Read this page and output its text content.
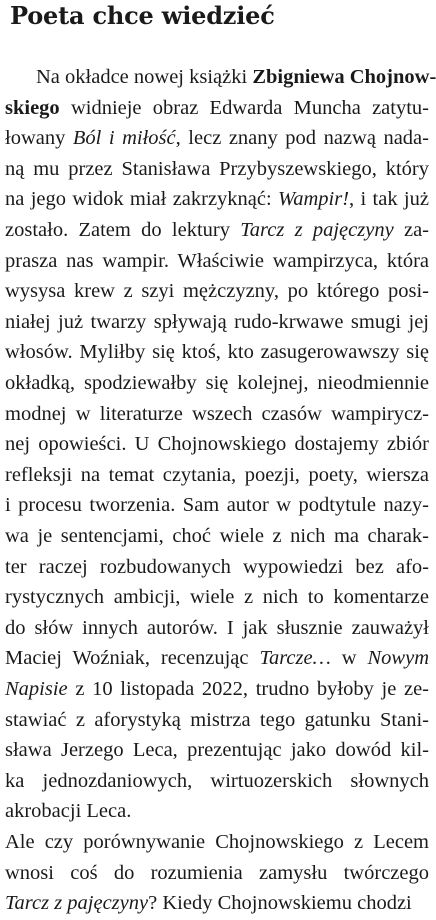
Poeta chce wiedzieć

Na okładce nowej książki Zbigniewa Chojnow-

skiego widnieje obraz Edwarda Muncha zatytu-

łowany Ból i miłość, lecz znany pod nazwą nada-

ną mu przez Stanisława Przybyszewskiego, który

na jego widok miał zakrzyknąć: Wampir!, i tak już

zostało. Zatem do lektury Tarcz z pajęczyny za-

prasza nas wampir. Właściwie wampirzyca, która

wysysa krew z szyi mężczyzny, po którego posi-

niałej już twarzy spływają rudo-krwawe smugi jej

włosów. Myliłby się ktoś, kto zasugerowawszy się

okładką, spodziewałby się kolejnej, nieodmiennie

modnej w literaturze wszech czasów wampirycz-

nej opowieści. U Chojnowskiego dostajemy zbiór

refleksji na temat czytania, poezji, poety, wiersza

i procesu tworzenia. Sam autor w podtytule nazy-

wa je sentencjami, choć wiele z nich ma charak-

ter raczej rozbudowanych wypowiedzi bez afo-

rystycznych ambicji, wiele z nich to komentarze

do słów innych autorów. I jak słusznie zauważył

Maciej Woźniak, recenzując Tarcze… w Nowym

Napisie z 10 listopada 2022, trudno byłoby je ze-

stawiać z aforystyką mistrza tego gatunku Stani-

sława Jerzego Leca, prezentując jako dowód kil-

ka jednozdaniowych, wirtuozerskich słownych

akrobacji Leca.

Ale czy porównywanie Chojnowskiego z Lecem

wnosi coś do rozumienia zamysłu twórczego

Tarcz z pajęczyny? Kiedy Chojnowskiemu chodzi
